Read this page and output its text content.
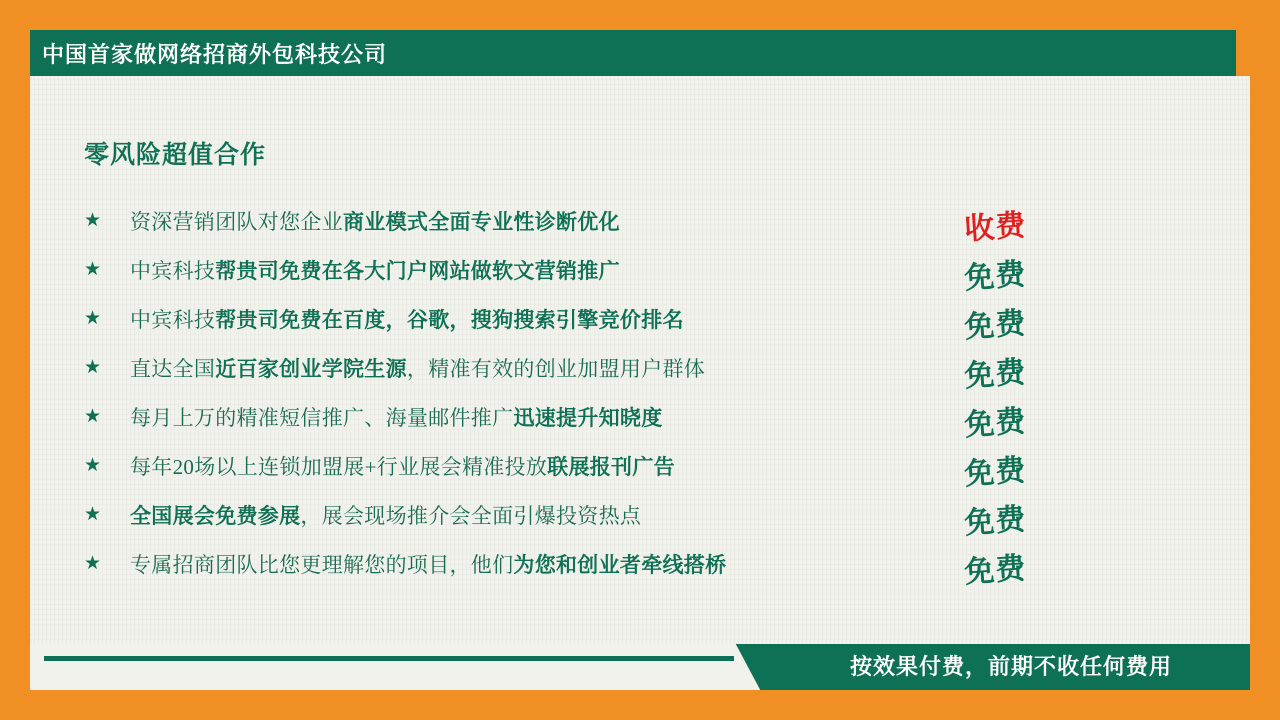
中国首家做网络招商外包科技公司
零风险超值合作
★	资深营销团队对您企业商业模式全面专业性诊断优化	收费
★	中宾科技帮贵司免费在各大门户网站做软文营销推广	免费
★	中宾科技帮贵司免费在百度，谷歌，搜狗搜索引擎竞价排名	免费
★	直达全国近百家创业学院生源，精准有效的创业加盟用户群体	免费
★	每月上万的精准短信推广、海量邮件推广迅速提升知晓度	免费
★	每年20场以上连锁加盟展+行业展会精准投放联展报刊广告	免费
★	全国展会免费参展，展会现场推介会全面引爆投资热点	免费
★	专属招商团队比您更理解您的项目，他们为您和创业者牵线搭桥	免费
按效果付费，前期不收任何费用
